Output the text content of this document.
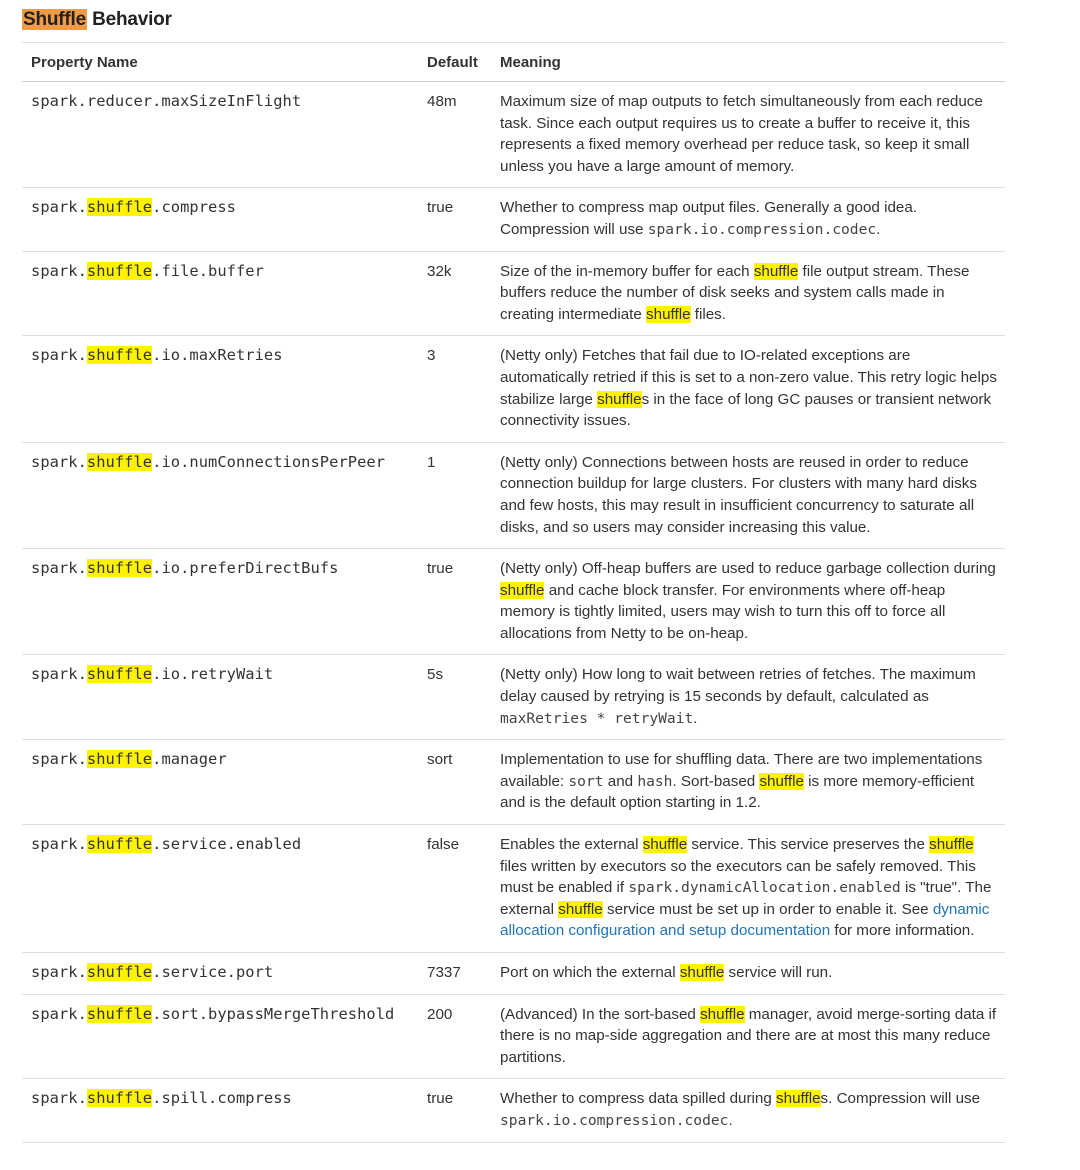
Shuffle Behavior
Property Name	Default	Meaning
spark.reducer.maxSizeInFlight	48m	Maximum size of map outputs to fetch simultaneously from each reduce task. Since each output requires us to create a buffer to receive it, this represents a fixed memory overhead per reduce task, so keep it small unless you have a large amount of memory.
spark.shuffle.compress	true	Whether to compress map output files. Generally a good idea. Compression will use spark.io.compression.codec.
spark.shuffle.file.buffer	32k	Size of the in-memory buffer for each shuffle file output stream. These buffers reduce the number of disk seeks and system calls made in creating intermediate shuffle files.
spark.shuffle.io.maxRetries	3	(Netty only) Fetches that fail due to IO-related exceptions are automatically retried if this is set to a non-zero value. This retry logic helps stabilize large shuffles in the face of long GC pauses or transient network connectivity issues.
spark.shuffle.io.numConnectionsPerPeer	1	(Netty only) Connections between hosts are reused in order to reduce connection buildup for large clusters. For clusters with many hard disks and few hosts, this may result in insufficient concurrency to saturate all disks, and so users may consider increasing this value.
spark.shuffle.io.preferDirectBufs	true	(Netty only) Off-heap buffers are used to reduce garbage collection during shuffle and cache block transfer. For environments where off-heap memory is tightly limited, users may wish to turn this off to force all allocations from Netty to be on-heap.
spark.shuffle.io.retryWait	5s	(Netty only) How long to wait between retries of fetches. The maximum delay caused by retrying is 15 seconds by default, calculated as maxRetries * retryWait.
spark.shuffle.manager	sort	Implementation to use for shuffling data. There are two implementations available: sort and hash. Sort-based shuffle is more memory-efficient and is the default option starting in 1.2.
spark.shuffle.service.enabled	false	Enables the external shuffle service. This service preserves the shuffle files written by executors so the executors can be safely removed. This must be enabled if spark.dynamicAllocation.enabled is "true". The external shuffle service must be set up in order to enable it. See dynamic allocation configuration and setup documentation for more information.
spark.shuffle.service.port	7337	Port on which the external shuffle service will run.
spark.shuffle.sort.bypassMergeThreshold	200	(Advanced) In the sort-based shuffle manager, avoid merge-sorting data if there is no map-side aggregation and there are at most this many reduce partitions.
spark.shuffle.spill.compress	true	Whether to compress data spilled during shuffles. Compression will use spark.io.compression.codec.
